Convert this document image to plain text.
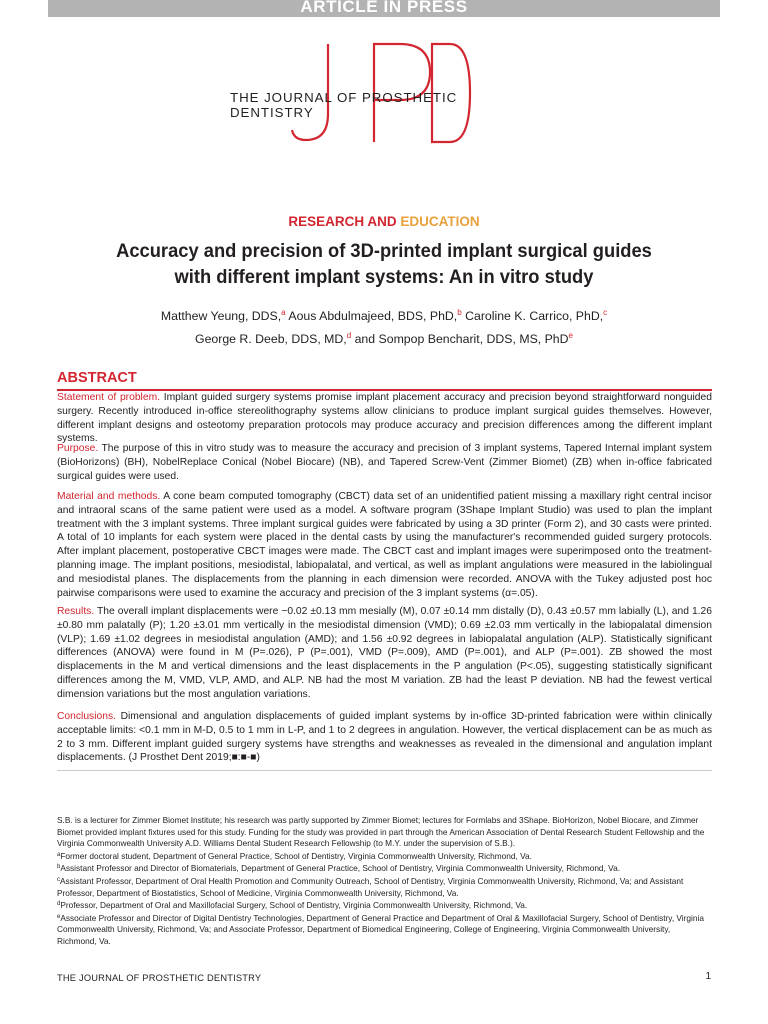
ARTICLE IN PRESS
THE JOURNAL OF PROSTHETIC DENTISTRY
RESEARCH AND EDUCATION
Accuracy and precision of 3D-printed implant surgical guides
with different implant systems: An in vitro study
Matthew Yeung, DDS,$^a$ Aous Abdulmajeed, BDS, PhD,$^b$ Caroline K. Carrico, PhD,$^c$
George R. Deeb, DDS, MD,$^d$ and Sompop Bencharit, DDS, MS, PhD$^e$
ABSTRACT

Statement of problem. Implant guided surgery systems promise implant placement accuracy and precision beyond straightforward nonguided surgery. Recently introduced in-office stereolithography systems allow clinicians to produce implant surgical guides themselves. However, different implant designs and osteotomy preparation protocols may produce accuracy and precision differences among the different implant systems.

Purpose. The purpose of this in vitro study was to measure the accuracy and precision of 3 implant systems, Tapered Internal implant system (BioHorizons) (BH), NobelReplace Conical (Nobel Biocare) (NB), and Tapered Screw-Vent (Zimmer Biomet) (ZB) when in-office fabricated surgical guides were used.

Material and methods. A cone beam computed tomography (CBCT) data set of an unidentified patient missing a maxillary right central incisor and intraoral scans of the same patient were used as a model. A software program (3Shape Implant Studio) was used to plan the implant treatment with the 3 implant systems. Three implant surgical guides were fabricated by using a 3D printer (Form 2), and 30 casts were printed. A total of 10 implants for each system were placed in the dental casts by using the manufacturer's recommended guided surgery protocols. After implant placement, postoperative CBCT images were made. The CBCT cast and implant images were superimposed onto the treatment-planning image. The implant positions, mesiodistal, labiopalatal, and vertical, as well as implant angulations were measured in the labiolingual and mesiodistal planes. The displacements from the planning in each dimension were recorded. ANOVA with the Tukey adjusted post hoc pairwise comparisons were used to examine the accuracy and precision of the 3 implant systems (α=.05).

Results. The overall implant displacements were −0.02 ±0.13 mm mesially (M), 0.07 ±0.14 mm distally (D), 0.43 ±0.57 mm labially (L), and 1.26 ±0.80 mm palatally (P); 1.20 ±3.01 mm vertically in the mesiodistal dimension (VMD); 0.69 ±2.03 mm vertically in the labiopalatal dimension (VLP); 1.69 ±1.02 degrees in mesiodistal angulation (AMD); and 1.56 ±0.92 degrees in labiopalatal angulation (ALP). Statistically significant differences (ANOVA) were found in M (P=.026), P (P=.001), VMD (P=.009), AMD (P=.001), and ALP (P=.001). ZB showed the most displacements in the M and vertical dimensions and the least displacements in the P angulation (P<.05), suggesting statistically significant differences among the M, VMD, VLP, AMD, and ALP. NB had the most M variation. ZB had the least P deviation. NB had the fewest vertical dimension variations but the most angulation variations.

Conclusions. Dimensional and angulation displacements of guided implant systems by in-office 3D-printed fabrication were within clinically acceptable limits: <0.1 mm in M-D, 0.5 to 1 mm in L-P, and 1 to 2 degrees in angulation. However, the vertical displacement can be as much as 2 to 3 mm. Different implant guided surgery systems have strengths and weaknesses as revealed in the dimensional and angulation implant displacements. (J Prosthet Dent 2019;■:■-■)

S.B. is a lecturer for Zimmer Biomet Institute; his research was partly supported by Zimmer Biomet; lectures for Formlabs and 3Shape. BioHorizon, Nobel Biocare, and Zimmer Biomet provided implant fixtures used for this study. Funding for the study was provided in part through the American Association of Dental Research Student Fellowship and the Virginia Commonwealth University A.D. Williams Dental Student Research Fellowship (to M.Y. under the supervision of S.B.).

$^a$Former doctoral student, Department of General Practice, School of Dentistry, Virginia Commonwealth University, Richmond, Va.

$^b$Assistant Professor and Director of Biomaterials, Department of General Practice, School of Dentistry, Virginia Commonwealth University, Richmond, Va.

$^c$Assistant Professor, Department of Oral Health Promotion and Community Outreach, School of Dentistry, Virginia Commonwealth University, Richmond, Va; and Assistant Professor, Department of Biostatistics, School of Medicine, Virginia Commonwealth University, Richmond, Va.

$^d$Professor, Department of Oral and Maxillofacial Surgery, School of Dentistry, Virginia Commonwealth University, Richmond, Va.

$^e$Associate Professor and Director of Digital Dentistry Technologies, Department of General Practice and Department of Oral & Maxillofacial Surgery, School of Dentistry, Virginia Commonwealth University, Richmond, Va; and Associate Professor, Department of Biomedical Engineering, College of Engineering, Virginia Commonwealth University, Richmond, Va.

THE JOURNAL OF PROSTHETIC DENTISTRY	1
